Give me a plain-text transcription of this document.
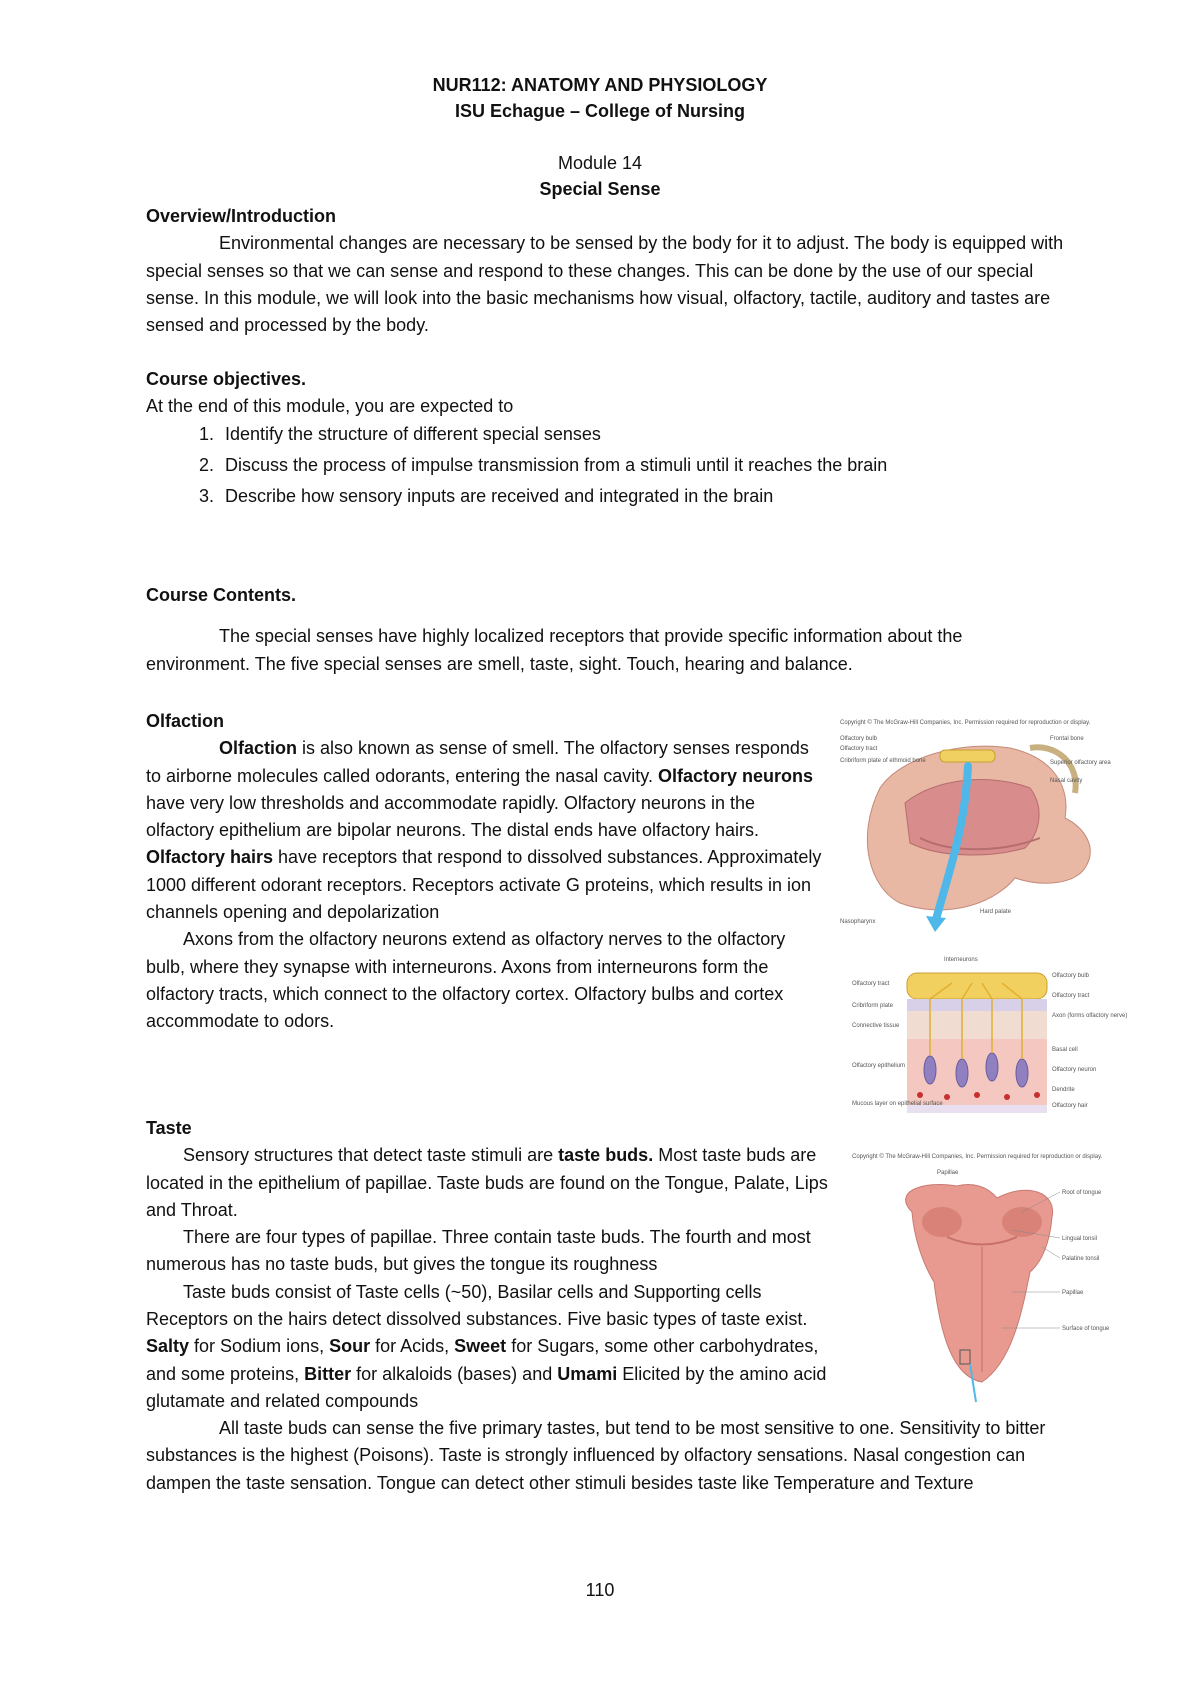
NUR112: ANATOMY AND PHYSIOLOGY
ISU Echague – College of Nursing
Module 14
Special Sense

Overview/Introduction

Environmental changes are necessary to be sensed by the body for it to adjust. The body is equipped with special senses so that we can sense and respond to these changes. This can be done by the use of our special sense. In this module, we will look into the basic mechanisms how visual, olfactory, tactile, auditory and tastes are sensed and processed by the body.

Course objectives.

At the end of this module, you are expected to

1. Identify the structure of different special senses
2. Discuss the process of impulse transmission from a stimuli until it reaches the brain
3. Describe how sensory inputs are received and integrated in the brain

Course Contents.

The special senses have highly localized receptors that provide specific information about the environment. The five special senses are smell, taste, sight. Touch, hearing and balance.

Olfaction

Olfaction is also known as sense of smell. The olfactory senses responds to airborne molecules called odorants, entering the nasal cavity. Olfactory neurons have very low thresholds and accommodate rapidly. Olfactory neurons in the olfactory epithelium are bipolar neurons. The distal ends have olfactory hairs. Olfactory hairs have receptors that respond to dissolved substances. Approximately 1000 different odorant receptors. Receptors activate G proteins, which results in ion channels opening and depolarization

Axons from the olfactory neurons extend as olfactory nerves to the olfactory bulb, where they synapse with interneurons. Axons from interneurons form the olfactory tracts, which connect to the olfactory cortex. Olfactory bulbs and cortex accommodate to odors.

Taste

Sensory structures that detect taste stimuli are taste buds. Most taste buds are located in the epithelium of papillae. Taste buds are found on the Tongue, Palate, Lips and Throat.

There are four types of papillae. Three contain taste buds. The fourth and most numerous has no taste buds, but gives the tongue its roughness

Taste buds consist of Taste cells (~50), Basilar cells and Supporting cells Receptors on the hairs detect dissolved substances. Five basic types of taste exist. Salty for Sodium ions, Sour for Acids, Sweet for Sugars, some other carbohydrates, and some proteins, Bitter for alkaloids (bases) and Umami Elicited by the amino acid glutamate and related compounds

All taste buds can sense the five primary tastes, but tend to be most sensitive to one. Sensitivity to bitter substances is the highest (Poisons). Taste is strongly influenced by olfactory sensations. Nasal congestion can dampen the taste sensation. Tongue can detect other stimuli besides taste like Temperature and Texture

Copyright © The McGraw-Hill Companies, Inc. Permission required for reproduction or display.
Olfactory bulb
Olfactory tract
Cribriform plate of ethmoid bone
Frontal bone
Superior olfactory area
Nasal cavity
Nasopharynx
Hard palate
Interneurons
Olfactory tract
Cribriform plate
Connective tissue
Olfactory epithelium
Mucous layer on epithelial surface
Olfactory bulb
Olfactory tract
Axon (forms olfactory nerve)
Basal cell
Olfactory neuron
Dendrite
Olfactory hair
Copyright © The McGraw-Hill Companies, Inc. Permission required for reproduction or display.
Papillae
Root of tongue
Lingual tonsil
Palatine tonsil
Papillae
Surface of tongue
110
